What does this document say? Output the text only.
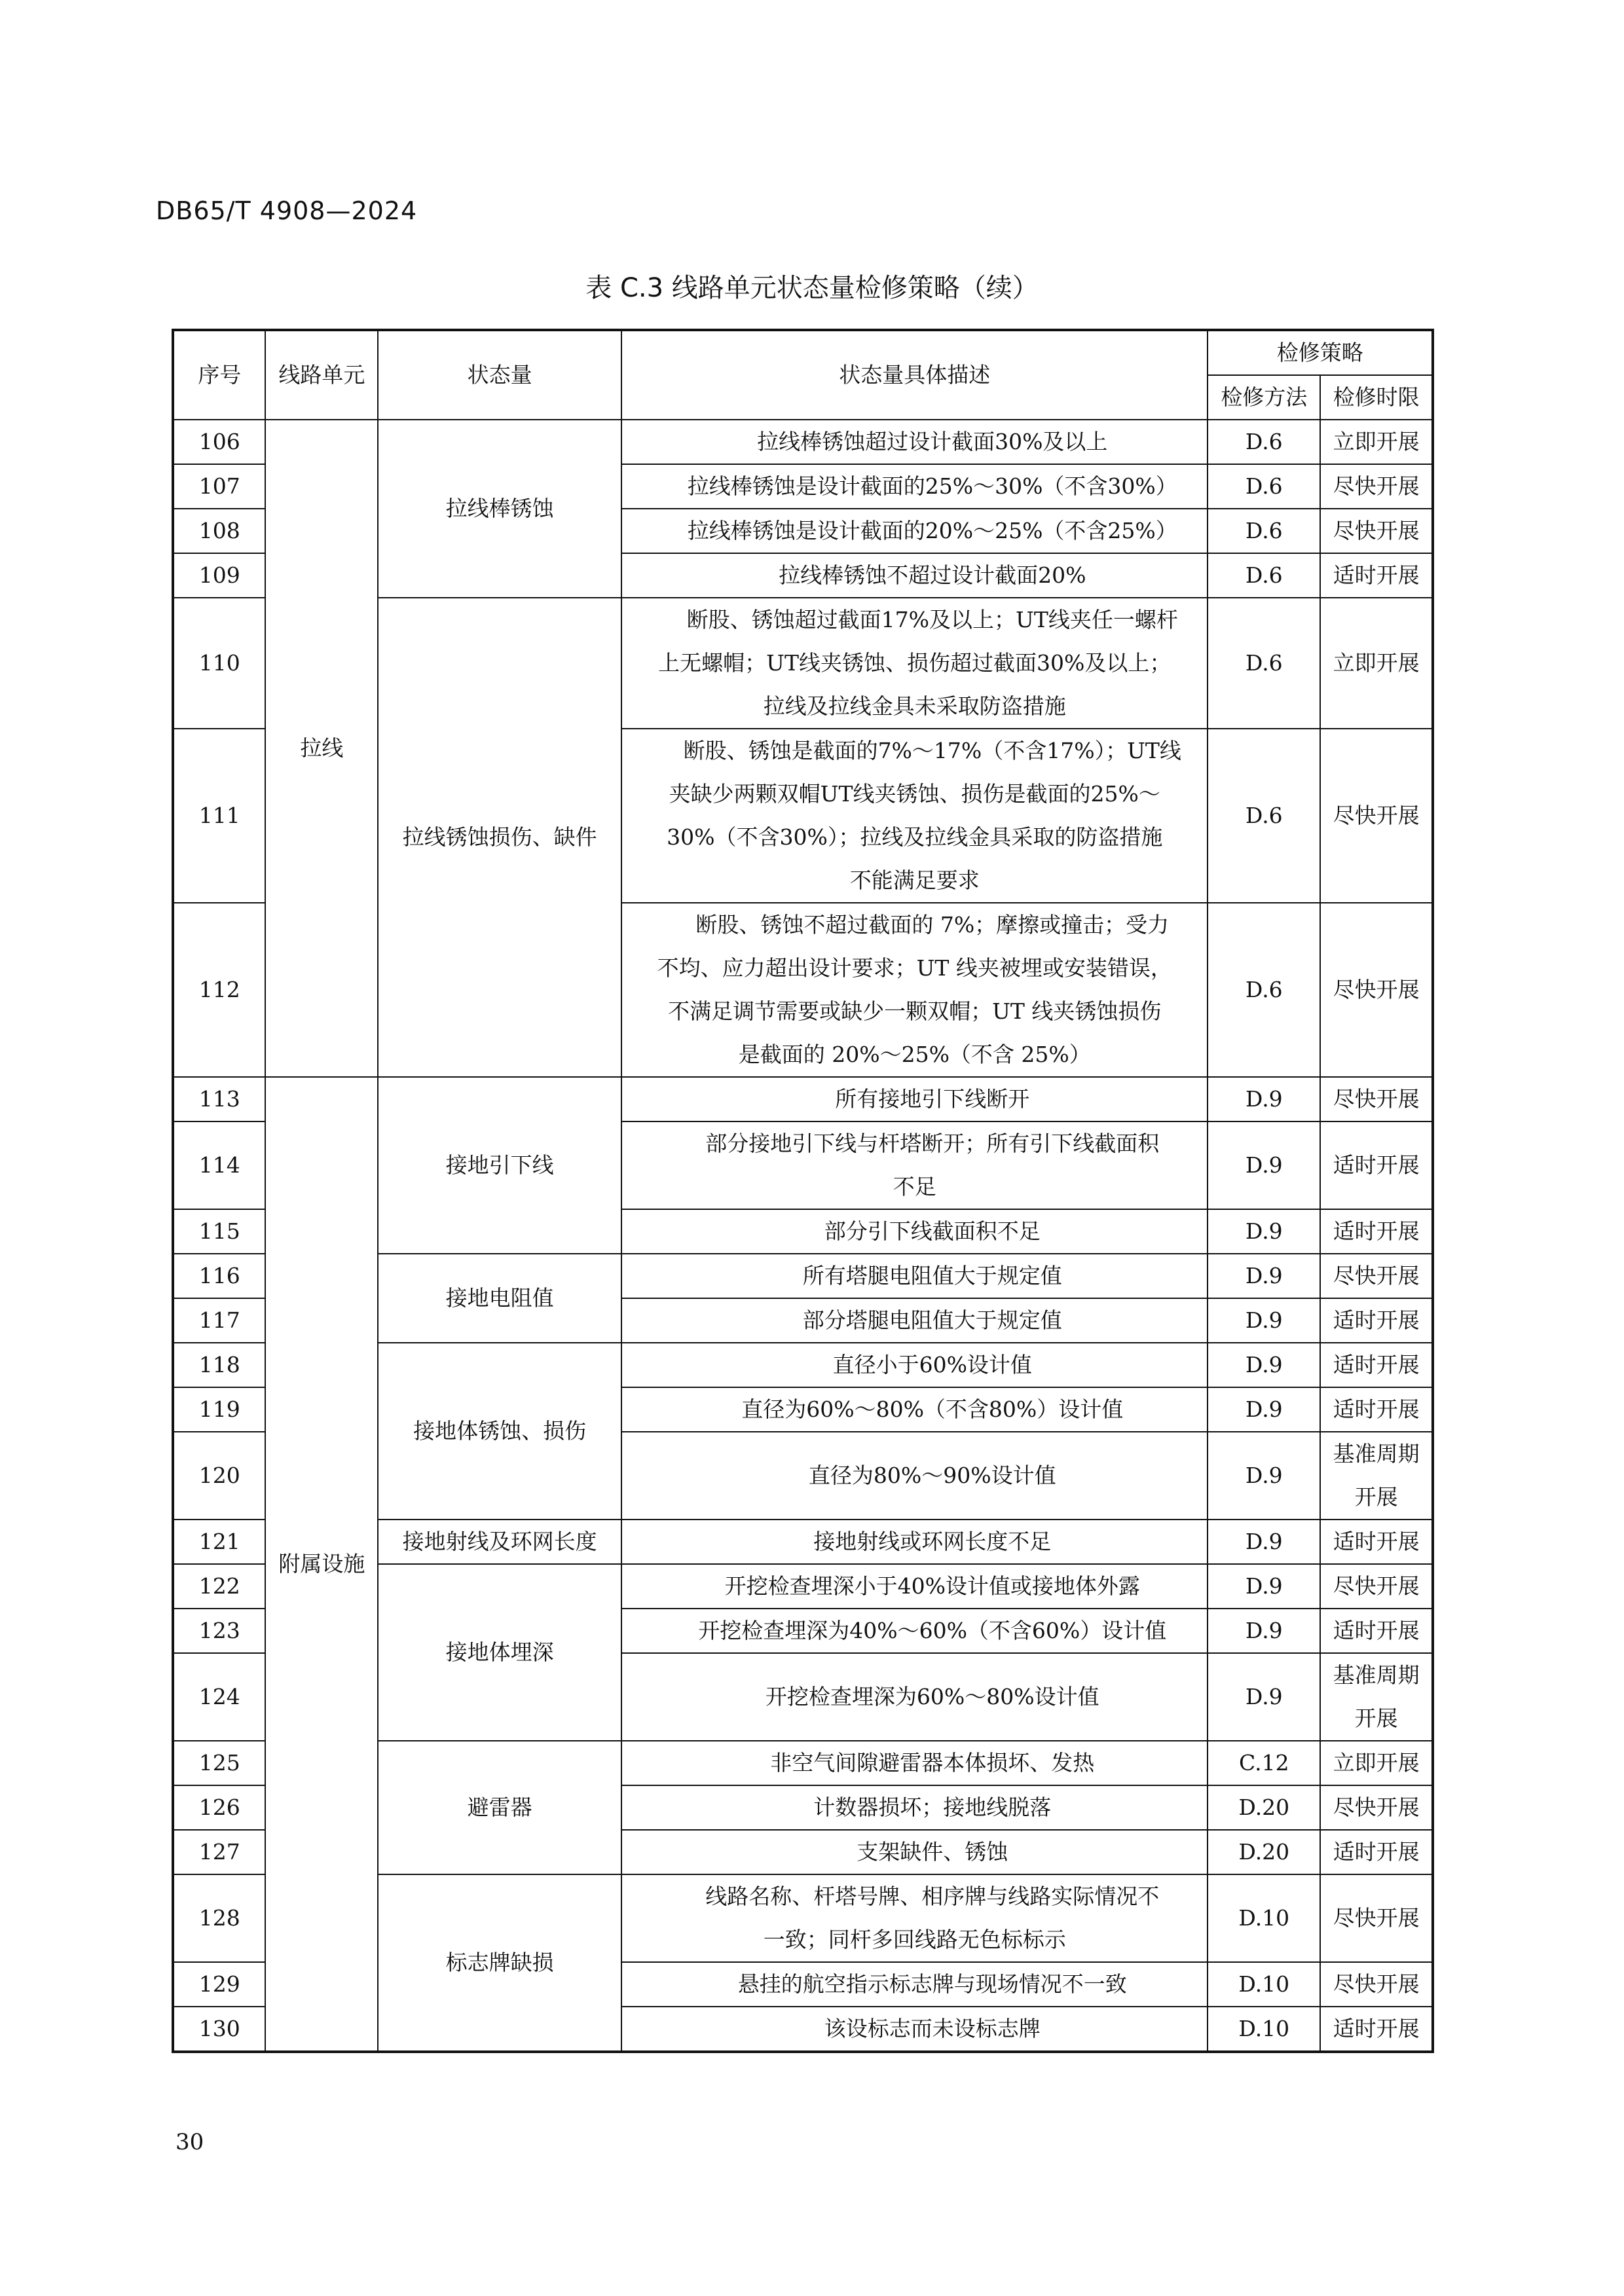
DB65/T 4908—2024
表 C.3 线路单元状态量检修策略（续）
序号	线路单元	状态量	状态量具体描述	检修策略	
				检修方法	检修时限
106	拉线	拉线棒锈蚀	拉线棒锈蚀超过设计截面30%及以上	D.6	立即开展
107			拉线棒锈蚀是设计截面的25%～30%（不含30%）	D.6	尽快开展
108			拉线棒锈蚀是设计截面的20%～25%（不含25%）	D.6	尽快开展
109			拉线棒锈蚀不超过设计截面20%	D.6	适时开展
110		拉线锈蚀损伤、缺件	断股、锈蚀超过截面17%及以上；UT线夹任一螺杆
上无螺帽；UT线夹锈蚀、损伤超过截面30%及以上；
拉线及拉线金具未采取防盗措施	D.6	立即开展
111			断股、锈蚀是截面的7%～17%（不含17%）；UT线
夹缺少两颗双帽UT线夹锈蚀、损伤是截面的25%～
30%（不含30%）；拉线及拉线金具采取的防盗措施
不能满足要求	D.6	尽快开展
112			断股、锈蚀不超过截面的 7%；摩擦或撞击；受力
不均、应力超出设计要求；UT 线夹被埋或安装错误，
不满足调节需要或缺少一颗双帽；UT 线夹锈蚀损伤
是截面的 20%～25%（不含 25%）	D.6	尽快开展
113	附属设施	接地引下线	所有接地引下线断开	D.9	尽快开展
114			部分接地引下线与杆塔断开；所有引下线截面积
不足	D.9	适时开展
115			部分引下线截面积不足	D.9	适时开展
116		接地电阻值	所有塔腿电阻值大于规定值	D.9	尽快开展
117			部分塔腿电阻值大于规定值	D.9	适时开展
118		接地体锈蚀、损伤	直径小于60%设计值	D.9	适时开展
119			直径为60%～80%（不含80%）设计值	D.9	适时开展
120			直径为80%～90%设计值	D.9	基准周期
开展

121		接地射线及环网长度	接地射线或环网长度不足	D.9	适时开展
122		接地体埋深	开挖检查埋深小于40%设计值或接地体外露	D.9	尽快开展
123			开挖检查埋深为40%～60%（不含60%）设计值	D.9	适时开展
124			开挖检查埋深为60%～80%设计值	D.9	基准周期
开展

125		避雷器	非空气间隙避雷器本体损坏、发热	C.12	立即开展
126			计数器损坏；接地线脱落	D.20	尽快开展
127			支架缺件、锈蚀	D.20	适时开展
128		标志牌缺损	线路名称、杆塔号牌、相序牌与线路实际情况不
一致；同杆多回线路无色标标示	D.10	尽快开展
129			悬挂的航空指示标志牌与现场情况不一致	D.10	尽快开展
130			该设标志而未设标志牌	D.10	适时开展
30
